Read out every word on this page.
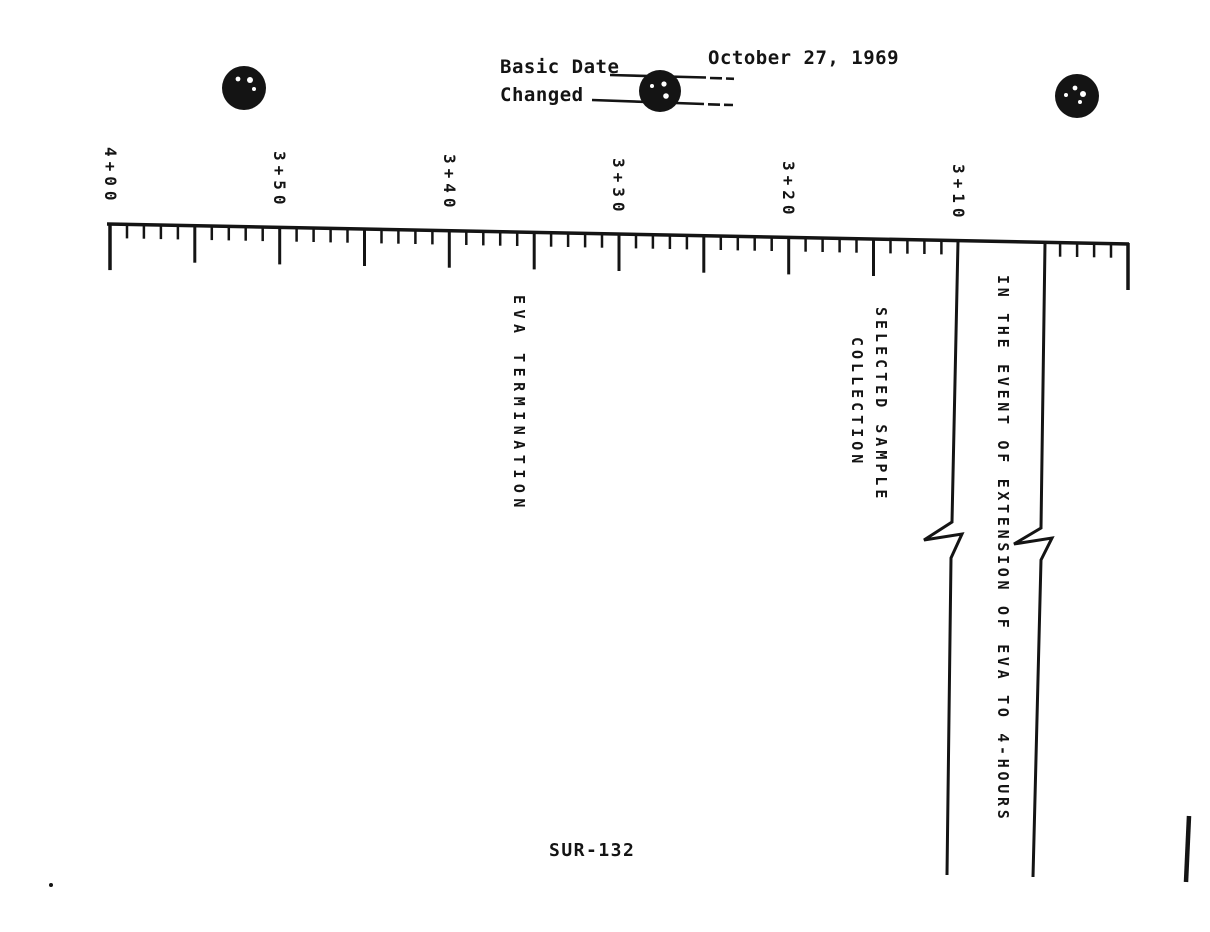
Basic Date	October 27, 1969
Changed
4+00	3+50	3+40	3+30	3+20	3+10
EVA TERMINATION	SELECTED SAMPLE
COLLECTION	IN THE EVENT OF EXTENSION OF EVA TO 4-HOURS
SUR-132
